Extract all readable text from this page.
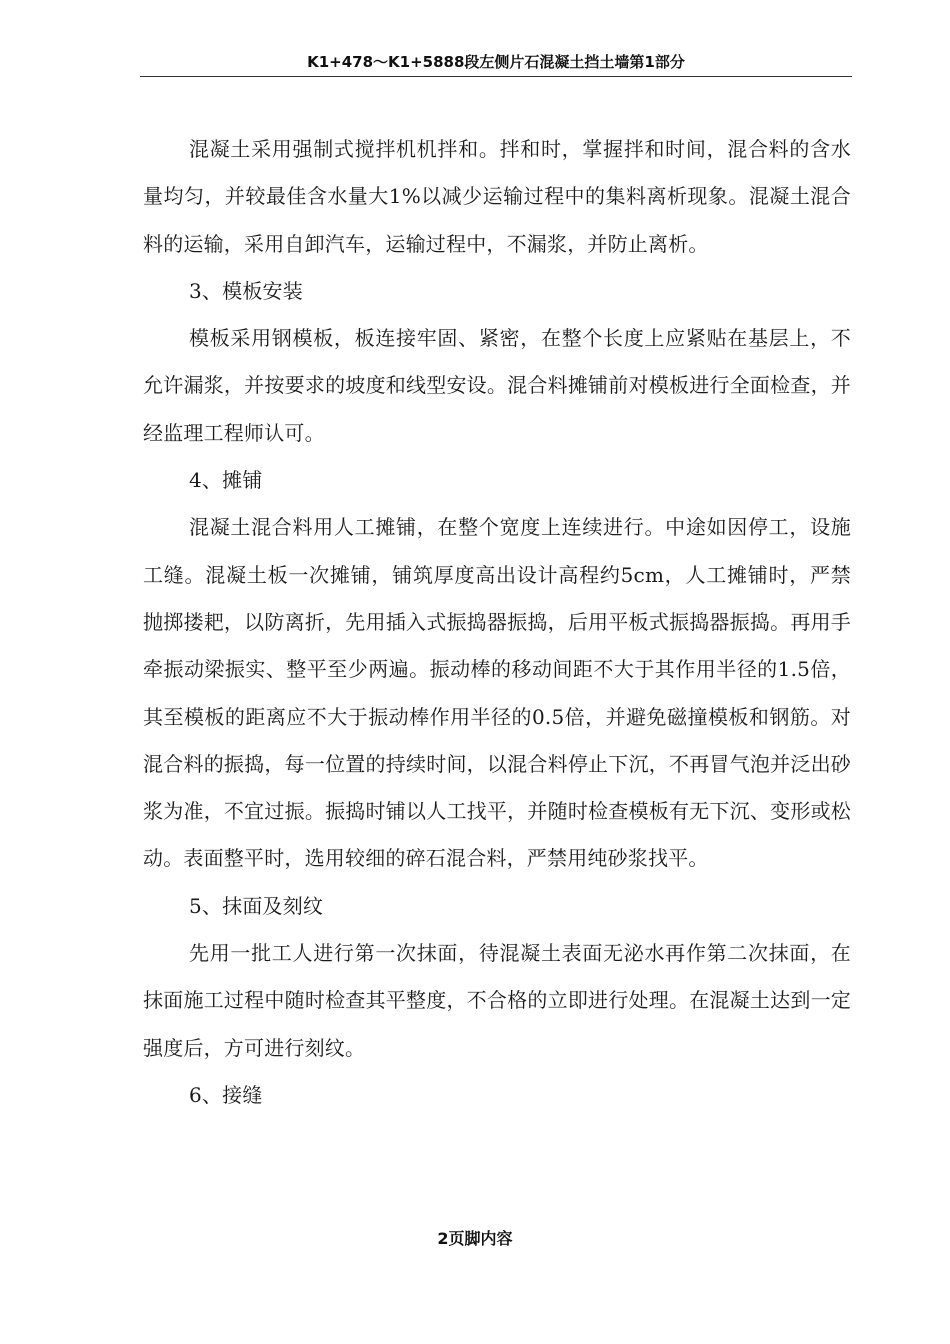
K1+478～K1+5888段左侧片石混凝土挡土墙第1部分

混凝土采用强制式搅拌机机拌和。拌和时，掌握拌和时间，混合料的含水量均匀，并较最佳含水量大1%以减少运输过程中的集料离析现象。混凝土混合料的运输，采用自卸汽车，运输过程中，不漏浆，并防止离析。

3、模板安装

模板采用钢模板，板连接牢固、紧密，在整个长度上应紧贴在基层上，不允许漏浆，并按要求的坡度和线型安设。混合料摊铺前对模板进行全面检查，并经监理工程师认可。

4、摊铺

混凝土混合料用人工摊铺，在整个宽度上连续进行。中途如因停工，设施工缝。混凝土板一次摊铺，铺筑厚度高出设计高程约5cm，人工摊铺时，严禁抛掷搂耙，以防离折，先用插入式振捣器振捣，后用平板式振捣器振捣。再用手牵振动梁振实、整平至少两遍。振动棒的移动间距不大于其作用半径的1.5倍，其至模板的距离应不大于振动棒作用半径的0.5倍，并避免磁撞模板和钢筋。对混合料的振捣，每一位置的持续时间，以混合料停止下沉，不再冒气泡并泛出砂浆为准，不宜过振。振捣时铺以人工找平，并随时检查模板有无下沉、变形或松动。表面整平时，选用较细的碎石混合料，严禁用纯砂浆找平。

5、抹面及刻纹

先用一批工人进行第一次抹面，待混凝土表面无泌水再作第二次抹面，在抹面施工过程中随时检查其平整度，不合格的立即进行处理。在混凝土达到一定强度后，方可进行刻纹。

6、接缝

2页脚内容
